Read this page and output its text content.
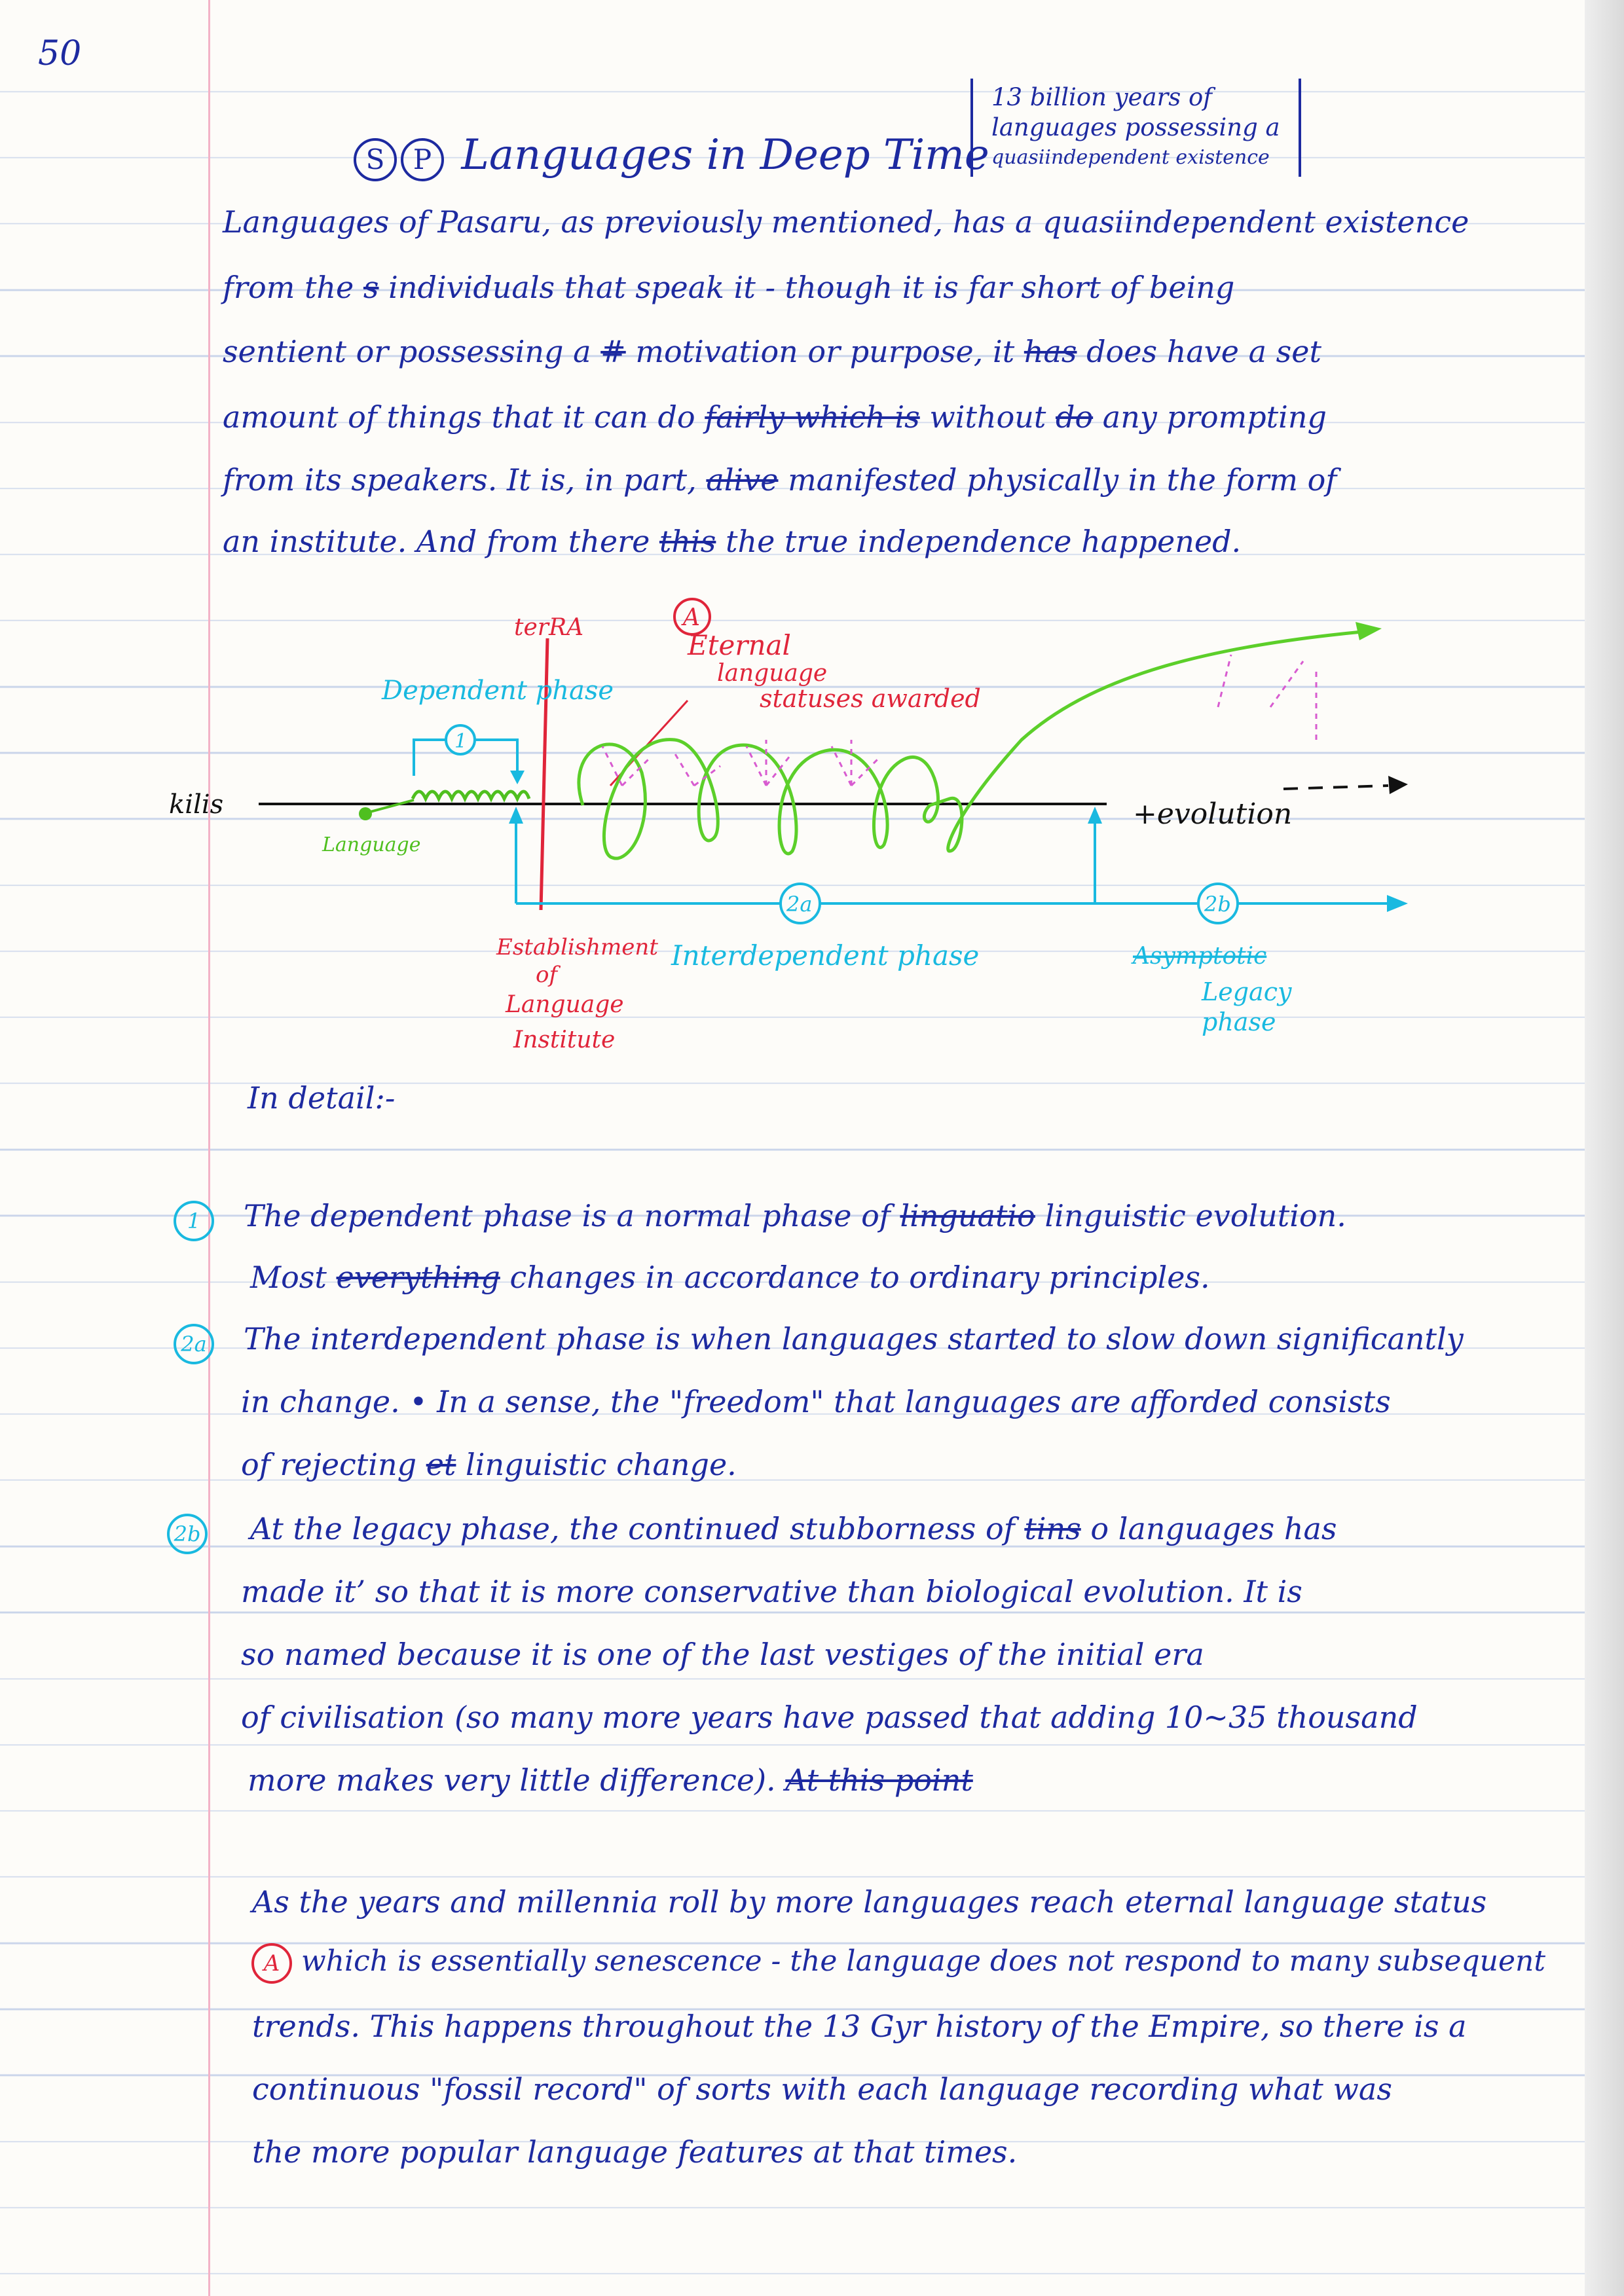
50
S P Languages in Deep Time
13 billion years of
languages possessing a
quasiindependent existence
Languages of Pasaru, as previously mentioned, has a quasiindependent existence
from the s individuals that speak it - though it is far short of being
sentient or possessing a # motivation or purpose, it has does have a set
amount of things that it can do fairly which is without do any prompting
from its speakers. It is, in part, alive manifested physically in the form of
an institute. And from there this the true independence happened.
kilis	+evolution
terRA	A
Eternal
language
statuses awarded
Dependent phase
1
Language
2a	2b
Establishment
of
Language
Institute
Interdependent phase	Asymptotic
Legacy
phase
In detail:-
1	The dependent phase is a normal phase of linguatio linguistic evolution.
Most everything changes in accordance to ordinary principles.
2a The interdependent phase is when languages started to slow down significantly
in change. • In a sense, the "freedom" that languages are afforded consists
of rejecting et linguistic change.
2b At the legacy phase, the continued stubborness of tins o languages has
made it’ so that it is more conservative than biological evolution. It is
so named because it is one of the last vestiges of the initial era
of civilisation (so many more years have passed that adding 10~35 thousand
more makes very little difference). At this point
As the years and millennia roll by more languages reach eternal language status
A which is essentially senescence - the language does not respond to many subsequent
trends. This happens throughout the 13 Gyr history of the Empire, so there is a
continuous "fossil record" of sorts with each language recording what was
the more popular language features at that times.
